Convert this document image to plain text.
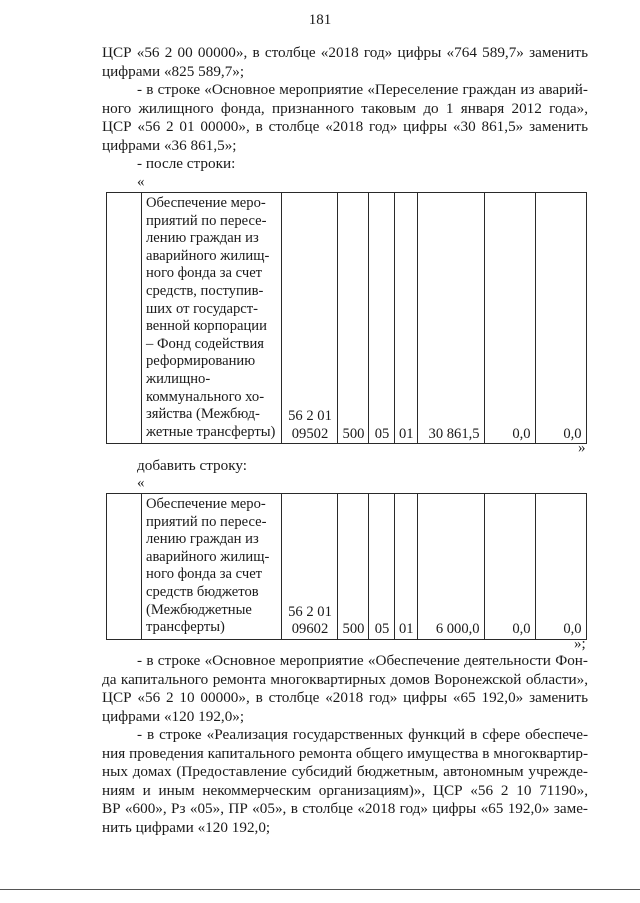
181
ЦСР «56 2 00 00000», в столбце «2018 год» цифры «764 589,7» заменить
цифрами «825 589,7»;
- в строке «Основное мероприятие «Переселение граждан из аварий-
ного жилищного фонда, признанного таковым до 1 января 2012 года»,
ЦСР «56 2 01 00000», в столбце «2018 год» цифры «30 861,5» заменить
цифрами «36 861,5»;
- после строки:
«

Обеспечение меро-
приятий по пересе-
лению граждан из
аварийного жилищ-
ного фонда за счет
средств, поступив-
ших от государст-
венной корпорации
– Фонд содействия
реформированию
жилищно-
коммунального хо-
зяйства (Межбюд-
жетные трансферты)

56 2 01
09502	500	05	01	30 861,5	0,0	0,0
»
добавить строку:
«

Обеспечение меро-
приятий по пересе-
лению граждан из
аварийного жилищ-
ного фонда за счет
средств бюджетов
(Межбюджетные
трансферты)

56 2 01
09602	500	05	01	6 000,0	0,0	0,0
»;
- в строке «Основное мероприятие «Обеспечение деятельности Фон-
да капитального ремонта многоквартирных домов Воронежской области»,
ЦСР «56 2 10 00000», в столбце «2018 год» цифры «65 192,0» заменить
цифрами «120 192,0»;
- в строке «Реализация государственных функций в сфере обеспече-
ния проведения капитального ремонта общего имущества в многоквартир-
ных домах (Предоставление субсидий бюджетным, автономным учрежде-
ниям и иным некоммерческим организациям)», ЦСР «56 2 10 71190»,
ВР «600», Рз «05», ПР «05», в столбце «2018 год» цифры «65 192,0» заме-
нить цифрами «120 192,0;
